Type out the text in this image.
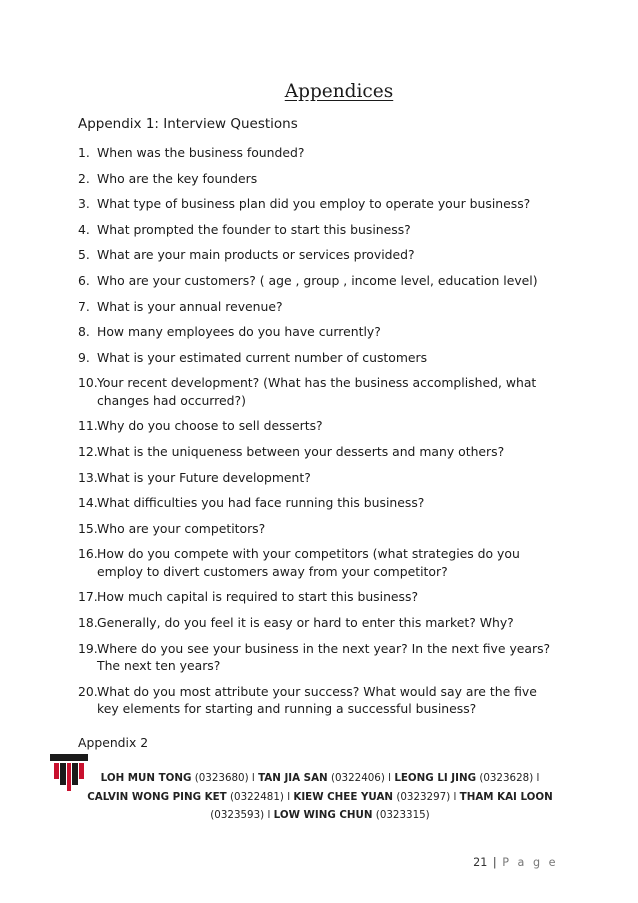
Appendices
Appendix 1: Interview Questions
1. When was the business founded?
2. Who are the key founders
3. What type of business plan did you employ to operate your business?
4. What prompted the founder to start this business?
5. What are your main products or services provided?
6. Who are your customers? ( age , group , income level, education level)
7. What is your annual revenue?
8. How many employees do you have currently?
9. What is your estimated current number of customers
10.Your recent development? (What has the business accomplished, what changes had occurred?)
11.Why do you choose to sell desserts?
12.What is the uniqueness between your desserts and many others?
13.What is your Future development?
14.What difficulties you had face running this business?
15.Who are your competitors?
16.How do you compete with your competitors (what strategies do you employ to divert customers away from your competitor?
17.How much capital is required to start this business?
18.Generally, do you feel it is easy or hard to enter this market? Why?
19.Where do you see your business in the next year? In the next five years? The next ten years?
20.What do you most attribute your success? What would say are the five key elements for starting and running a successful business?
Appendix 2
LOH MUN TONG (0323680) l TAN JIA SAN (0322406) l LEONG LI JING (0323628) l CALVIN WONG PING KET (0322481) l KIEW CHEE YUAN (0323297) l THAM KAI LOON (0323593) l LOW WING CHUN (0323315)
21 | P a g e
